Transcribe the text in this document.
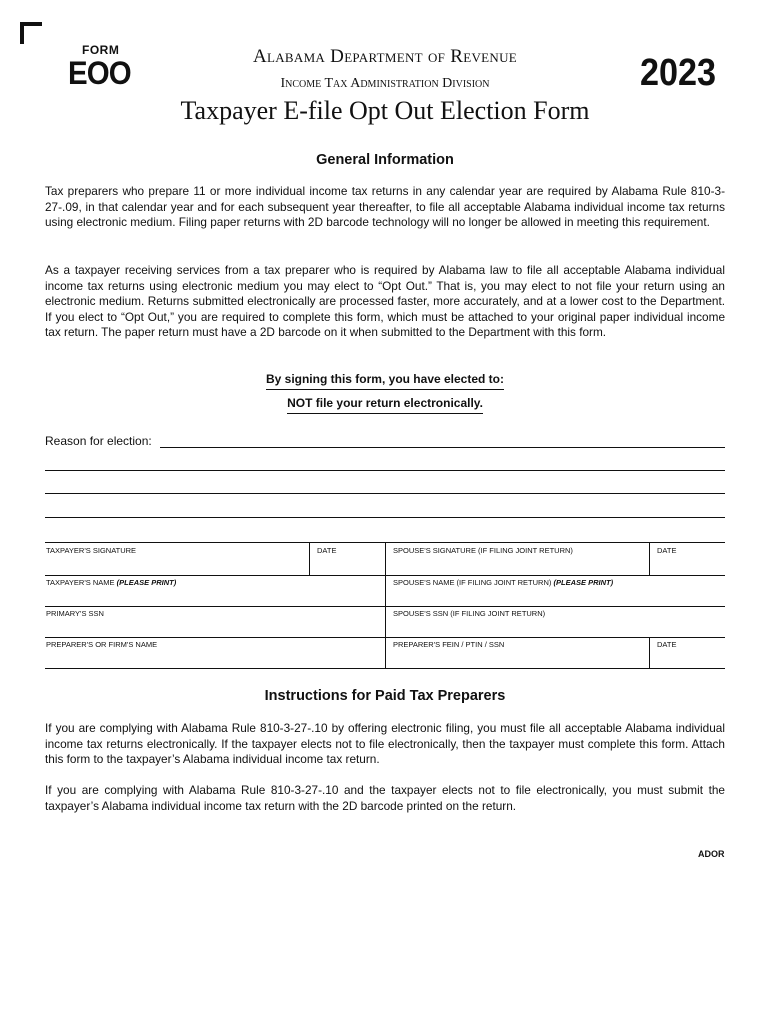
FORM
EOO	Alabama Department of Revenue
Income Tax Administration Division	2023
Taxpayer E-file Opt Out Election Form
General Information
Tax preparers who prepare 11 or more individual income tax returns in any calendar year are required by Alabama Rule 810-3-27-.09, in that calendar year and for each subsequent year thereafter, to file all acceptable Alabama individual income tax returns using electronic medium. Filing paper returns with 2D barcode technology will no longer be allowed in meeting this requirement.
As a taxpayer receiving services from a tax preparer who is required by Alabama law to file all acceptable Alabama individual income tax returns using electronic medium you may elect to “Opt Out.” That is, you may elect to not file your return using an electronic medium. Returns submitted electronically are processed faster, more accurately, and at a lower cost to the Department. If you elect to “Opt Out,” you are required to complete this form, which must be attached to your original paper individual income tax return. The paper return must have a 2D barcode on it when submitted to the Department with this form.
By signing this form, you have elected to:
NOT file your return electronically.
Reason for election:
TAXPAYER'S SIGNATURE	DATE	SPOUSE'S SIGNATURE (IF FILING JOINT RETURN)	DATE
TAXPAYER'S NAME (PLEASE PRINT)	SPOUSE'S NAME (IF FILING JOINT RETURN) (PLEASE PRINT)
PRIMARY'S SSN	SPOUSE'S SSN (IF FILING JOINT RETURN)
PREPARER'S OR FIRM'S NAME	PREPARER'S FEIN / PTIN / SSN	DATE
Instructions for Paid Tax Preparers
If you are complying with Alabama Rule 810-3-27-.10 by offering electronic filing, you must file all acceptable Alabama individual income tax returns electronically. If the taxpayer elects not to file electronically, then the taxpayer must complete this form. Attach this form to the taxpayer’s Alabama individual income tax return.
If you are complying with Alabama Rule 810-3-27-.10 and the taxpayer elects not to file electronically, you must submit the taxpayer’s Alabama individual income tax return with the 2D barcode printed on the return.
ADOR
